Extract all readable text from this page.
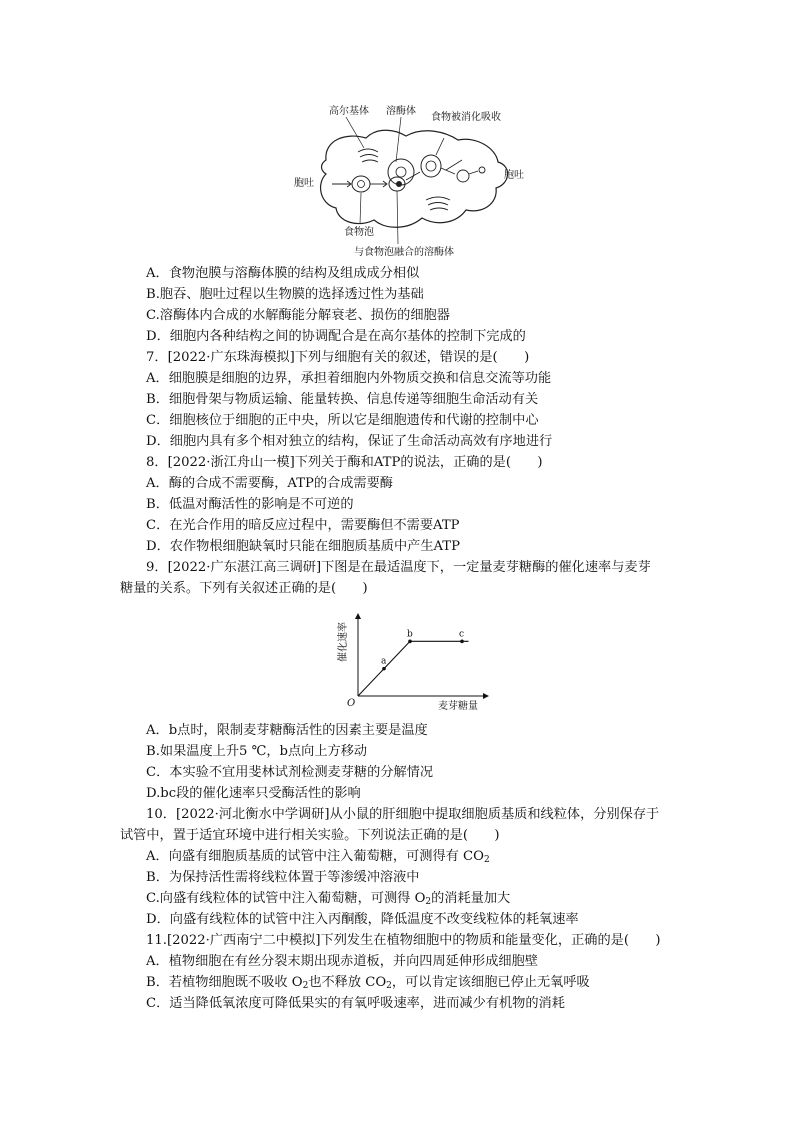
高尔基体 溶酶体
食物被消化吸收
胞吐
胞吐
食物泡
与食物泡融合的溶酶体
A．食物泡膜与溶酶体膜的结构及组成成分相似
B.胞吞、胞吐过程以生物膜的选择透过性为基础
C.溶酶体内合成的水解酶能分解衰老、损伤的细胞器
D．细胞内各种结构之间的协调配合是在高尔基体的控制下完成的
7．[2022·广东珠海模拟]下列与细胞有关的叙述，错误的是(　　)
A．细胞膜是细胞的边界，承担着细胞内外物质交换和信息交流等功能
B．细胞骨架与物质运输、能量转换、信息传递等细胞生命活动有关
C．细胞核位于细胞的正中央，所以它是细胞遗传和代谢的控制中心
D．细胞内具有多个相对独立的结构，保证了生命活动高效有序地进行
8．[2022·浙江舟山一模]下列关于酶和ATP的说法，正确的是(　　)
A．酶的合成不需要酶，ATP的合成需要酶
B．低温对酶活性的影响是不可逆的
C．在光合作用的暗反应过程中，需要酶但不需要ATP
D．农作物根细胞缺氧时只能在细胞质基质中产生ATP
9．[2022·广东湛江高三调研]下图是在最适温度下，一定量麦芽糖酶的催化速率与麦芽
糖量的关系。下列有关叙述正确的是(　　)
O
催化速率
麦芽糖量
a
b	c
A．b点时，限制麦芽糖酶活性的因素主要是温度
B.如果温度上升5 ℃，b点向上方移动
C．本实验不宜用斐林试剂检测麦芽糖的分解情况
D.bc段的催化速率只受酶活性的影响
10．[2022·河北衡水中学调研]从小鼠的肝细胞中提取细胞质基质和线粒体，分别保存于
试管中，置于适宜环境中进行相关实验。下列说法正确的是(　　)
A．向盛有细胞质基质的试管中注入葡萄糖，可测得有 $CO_2$
B．为保持活性需将线粒体置于等渗缓冲溶液中
C.向盛有线粒体的试管中注入葡萄糖，可测得 $O_2$的消耗量加大
D．向盛有线粒体的试管中注入丙酮酸，降低温度不改变线粒体的耗氧速率
11.[2022·广西南宁二中模拟]下列发生在植物细胞中的物质和能量变化，正确的是(　　)
A．植物细胞在有丝分裂末期出现赤道板，并向四周延伸形成细胞壁
B．若植物细胞既不吸收 $O_2$也不释放 $CO_2$，可以肯定该细胞已停止无氧呼吸
C．适当降低氧浓度可降低果实的有氧呼吸速率，进而减少有机物的消耗
